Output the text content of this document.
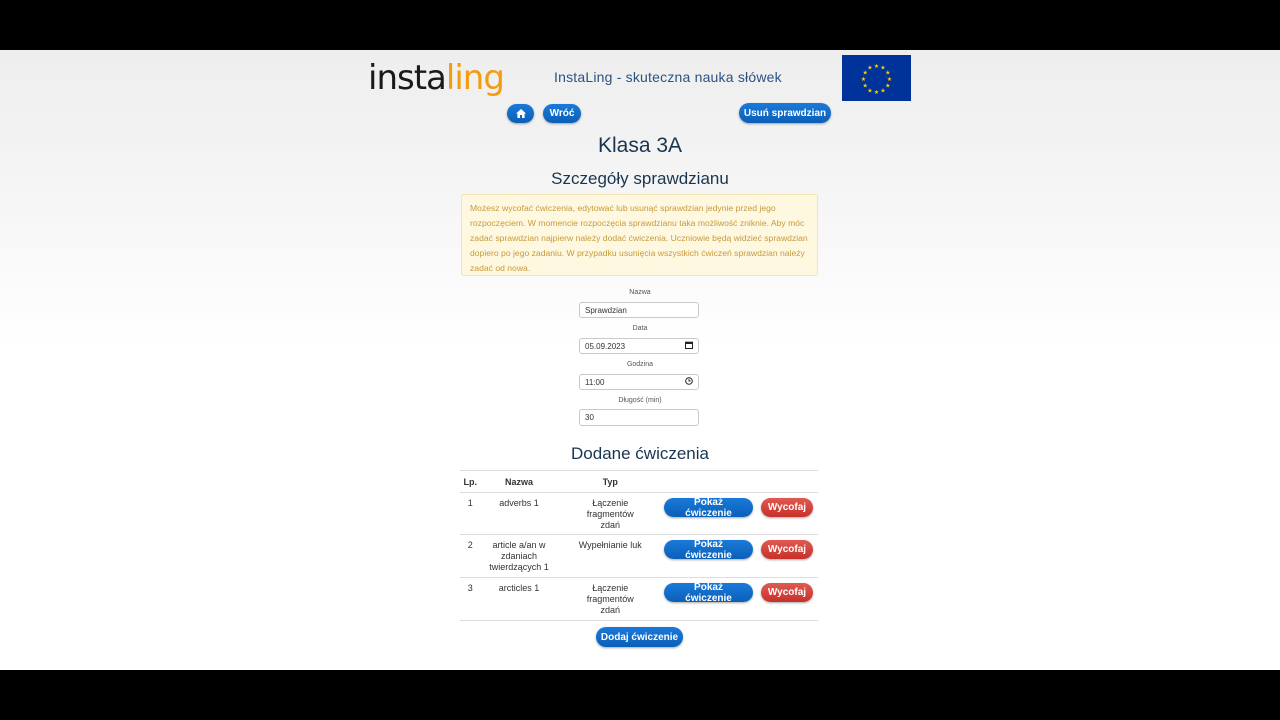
instaling	InstaLing - skuteczna nauka słówek
★ ★
★
★
★
★
★
★
★
★
★
★
Wróć	Usuń sprawdzian
Klasa 3A
Szczegóły sprawdzianu
Możesz wycofać ćwiczenia, edytować lub usunąć sprawdzian jedynie przed jego rozpoczęciem. W momencie rozpoczęcia sprawdzianu taka możliwość zniknie. Aby móc zadać sprawdzian najpierw należy dodać ćwiczenia. Uczniowie będą widzieć sprawdzian dopiero po jego zadaniu. W przypadku usunięcia wszystkich ćwiczeń sprawdzian należy zadać od nowa.
Nazwa
Sprawdzian
Data
05.09.2023
Godzina
11:00
Długość (min)
30
Dodane ćwiczenia
Lp.	Nazwa	Typ	
1	adverbs 1	Łączenie fragmentów zdań	Pokaż ćwiczenie Wycofaj

2	article a/an w zdaniach twierdzących 1	Wypełnianie luk	Pokaż ćwiczenie Wycofaj

3	arcticles 1	Łączenie fragmentów zdań	Pokaż ćwiczenie Wycofaj
Dodaj ćwiczenie
